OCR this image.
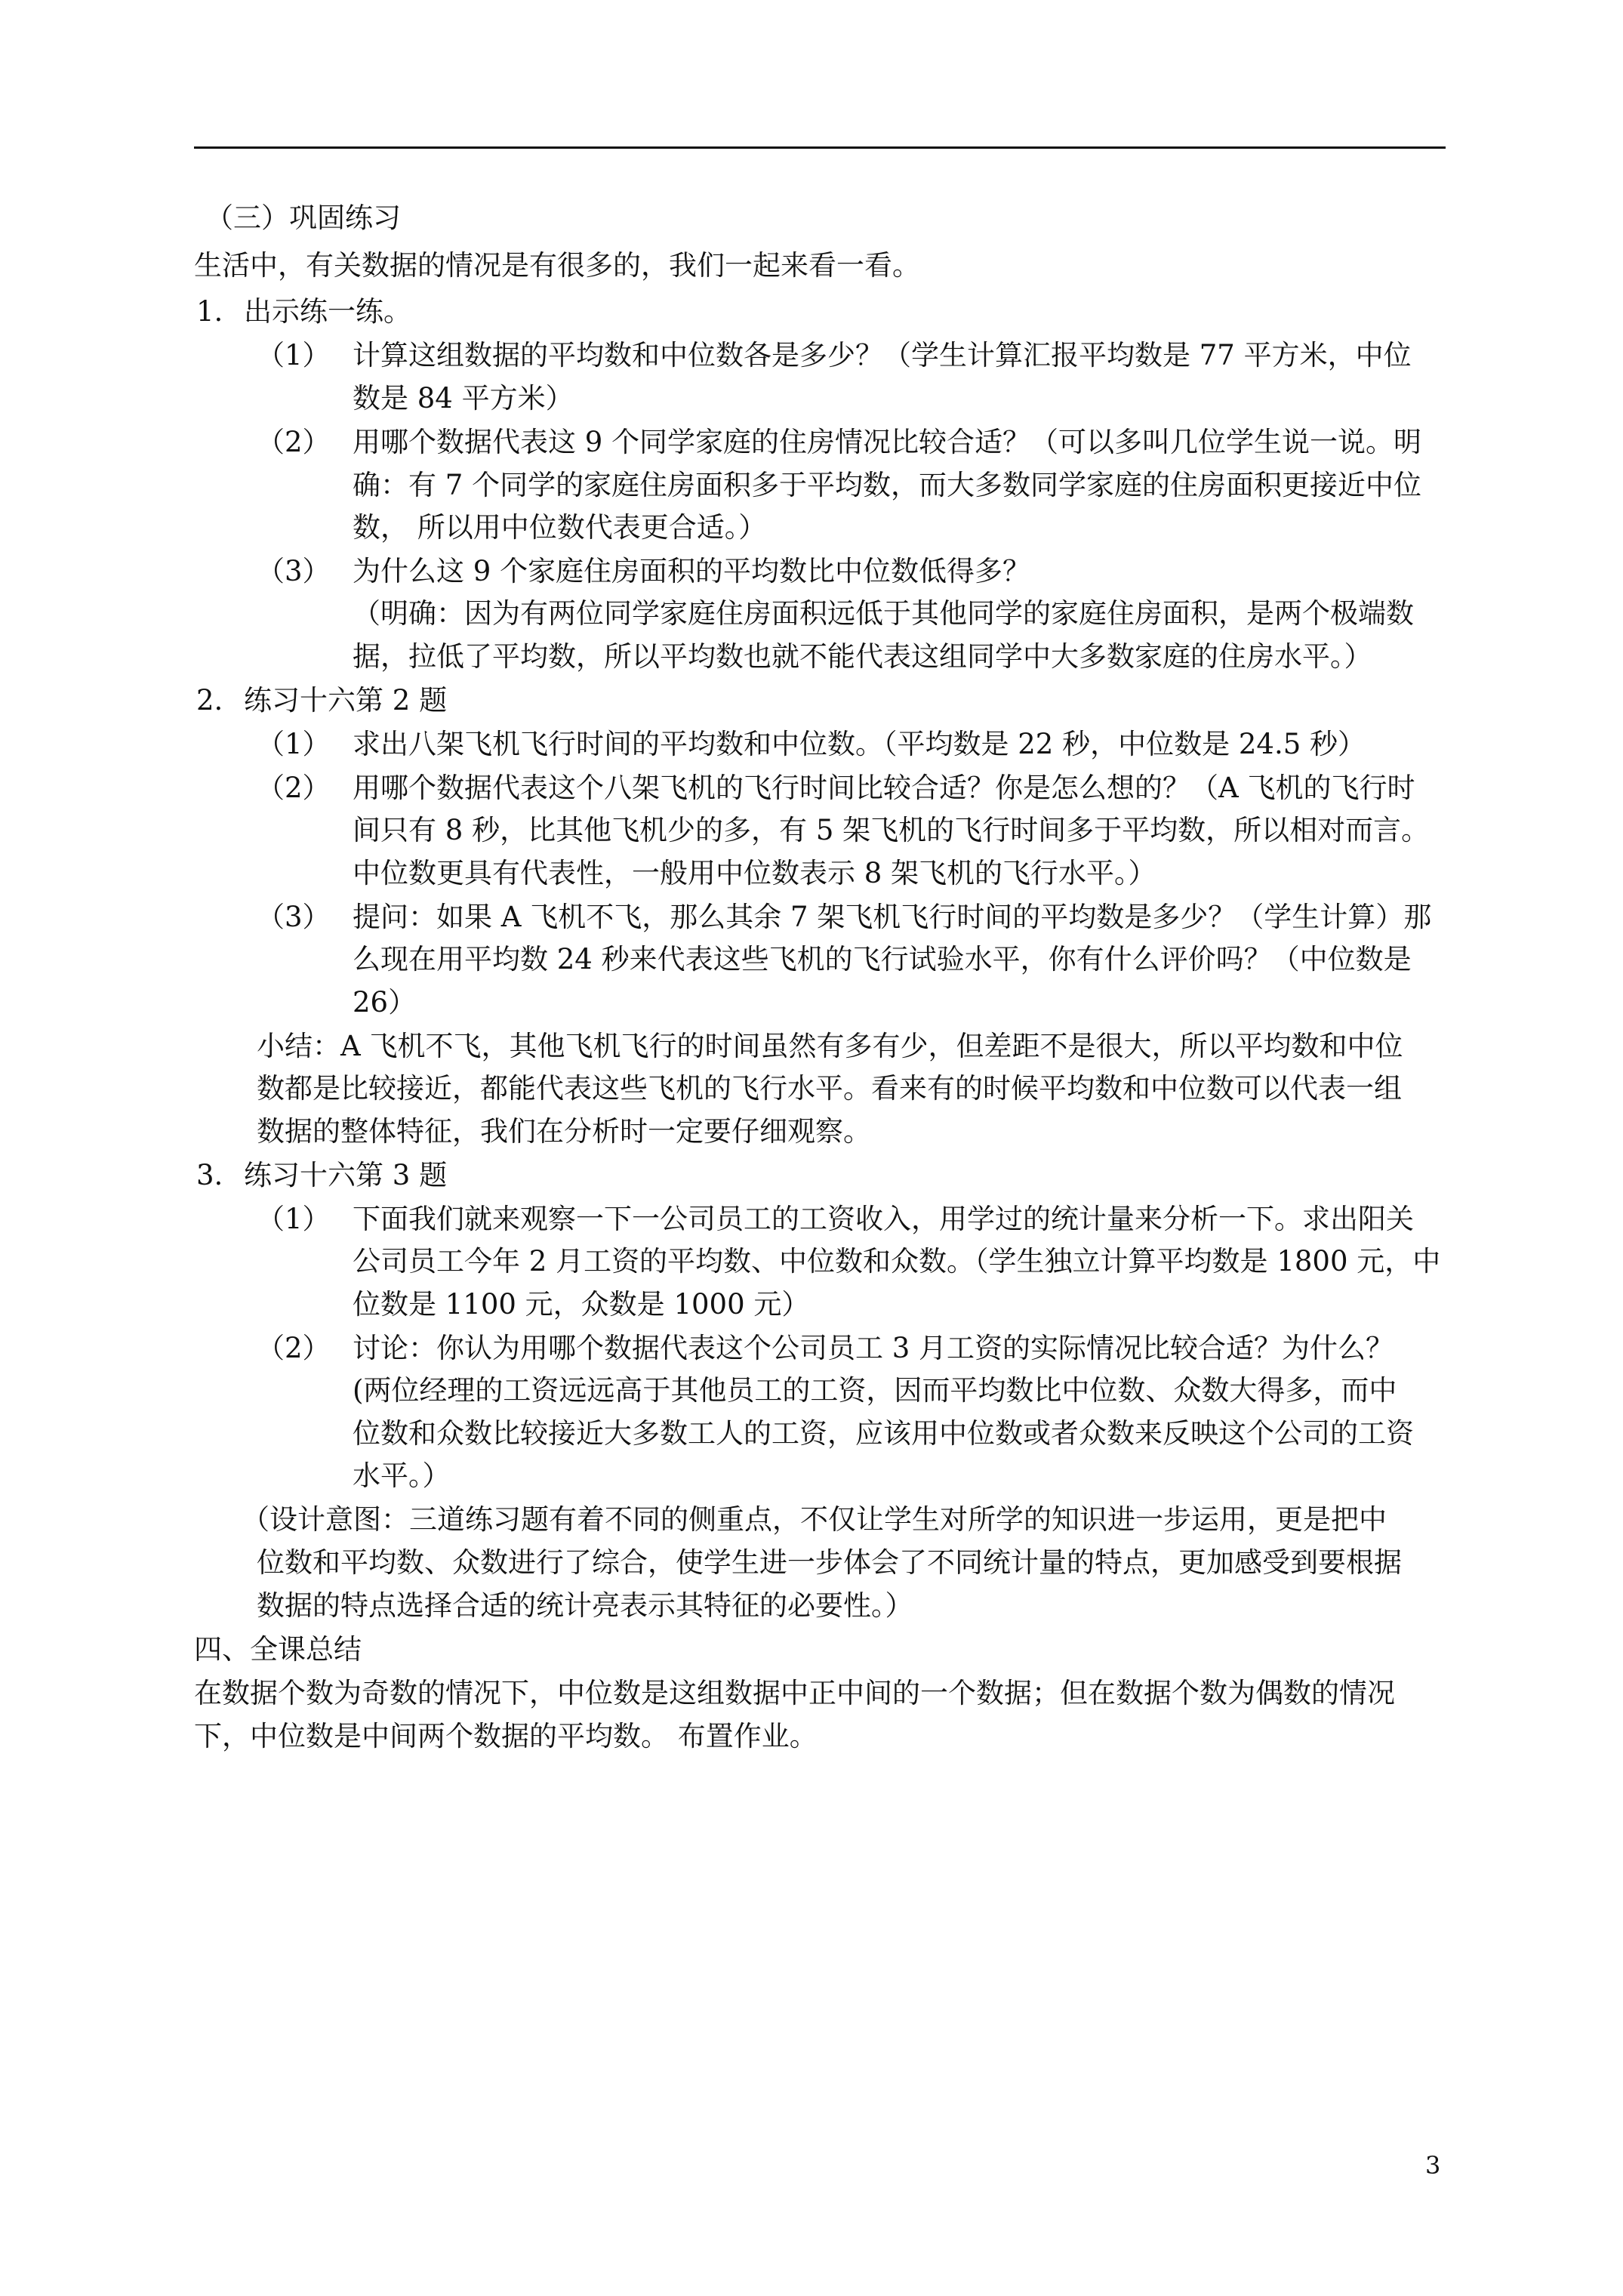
（三）巩固练习
生活中，有关数据的情况是有很多的，我们一起来看一看。
1. 出示练一练。
（1） 计算这组数据的平均数和中位数各是多少？（学生计算汇报平均数是 77 平方米，中位
数是 84 平方米）
（2） 用哪个数据代表这 9 个同学家庭的住房情况比较合适？（可以多叫几位学生说一说。明
确：有 7 个同学的家庭住房面积多于平均数，而大多数同学家庭的住房面积更接近中位
数， 所以用中位数代表更合适。）
（3） 为什么这 9 个家庭住房面积的平均数比中位数低得多？
（明确：因为有两位同学家庭住房面积远低于其他同学的家庭住房面积，是两个极端数
据，拉低了平均数，所以平均数也就不能代表这组同学中大多数家庭的住房水平。）
2. 练习十六第 2 题
（1） 求出八架飞机飞行时间的平均数和中位数。（平均数是 22 秒，中位数是 24.5 秒）
（2） 用哪个数据代表这个八架飞机的飞行时间比较合适？你是怎么想的？（A 飞机的飞行时
间只有 8 秒，比其他飞机少的多，有 5 架飞机的飞行时间多于平均数，所以相对而言。
中位数更具有代表性，一般用中位数表示 8 架飞机的飞行水平。）
（3） 提问：如果 A 飞机不飞，那么其余 7 架飞机飞行时间的平均数是多少？（学生计算）那
么现在用平均数 24 秒来代表这些飞机的飞行试验水平，你有什么评价吗？（中位数是
26）
小结：A 飞机不飞，其他飞机飞行的时间虽然有多有少，但差距不是很大，所以平均数和中位
数都是比较接近，都能代表这些飞机的飞行水平。看来有的时候平均数和中位数可以代表一组
数据的整体特征，我们在分析时一定要仔细观察。
3. 练习十六第 3 题
（1） 下面我们就来观察一下一公司员工的工资收入，用学过的统计量来分析一下。求出阳关
公司员工今年 2 月工资的平均数、中位数和众数。（学生独立计算平均数是 1800 元，中
位数是 1100 元，众数是 1000 元）
（2） 讨论：你认为用哪个数据代表这个公司员工 3 月工资的实际情况比较合适？为什么？
(两位经理的工资远远高于其他员工的工资，因而平均数比中位数、众数大得多，而中
位数和众数比较接近大多数工人的工资，应该用中位数或者众数来反映这个公司的工资
水平。）
（设计意图：三道练习题有着不同的侧重点，不仅让学生对所学的知识进一步运用，更是把中
位数和平均数、众数进行了综合，使学生进一步体会了不同统计量的特点，更加感受到要根据
数据的特点选择合适的统计亮表示其特征的必要性。）
四、全课总结
在数据个数为奇数的情况下，中位数是这组数据中正中间的一个数据；但在数据个数为偶数的情况
下，中位数是中间两个数据的平均数。 布置作业。
3
